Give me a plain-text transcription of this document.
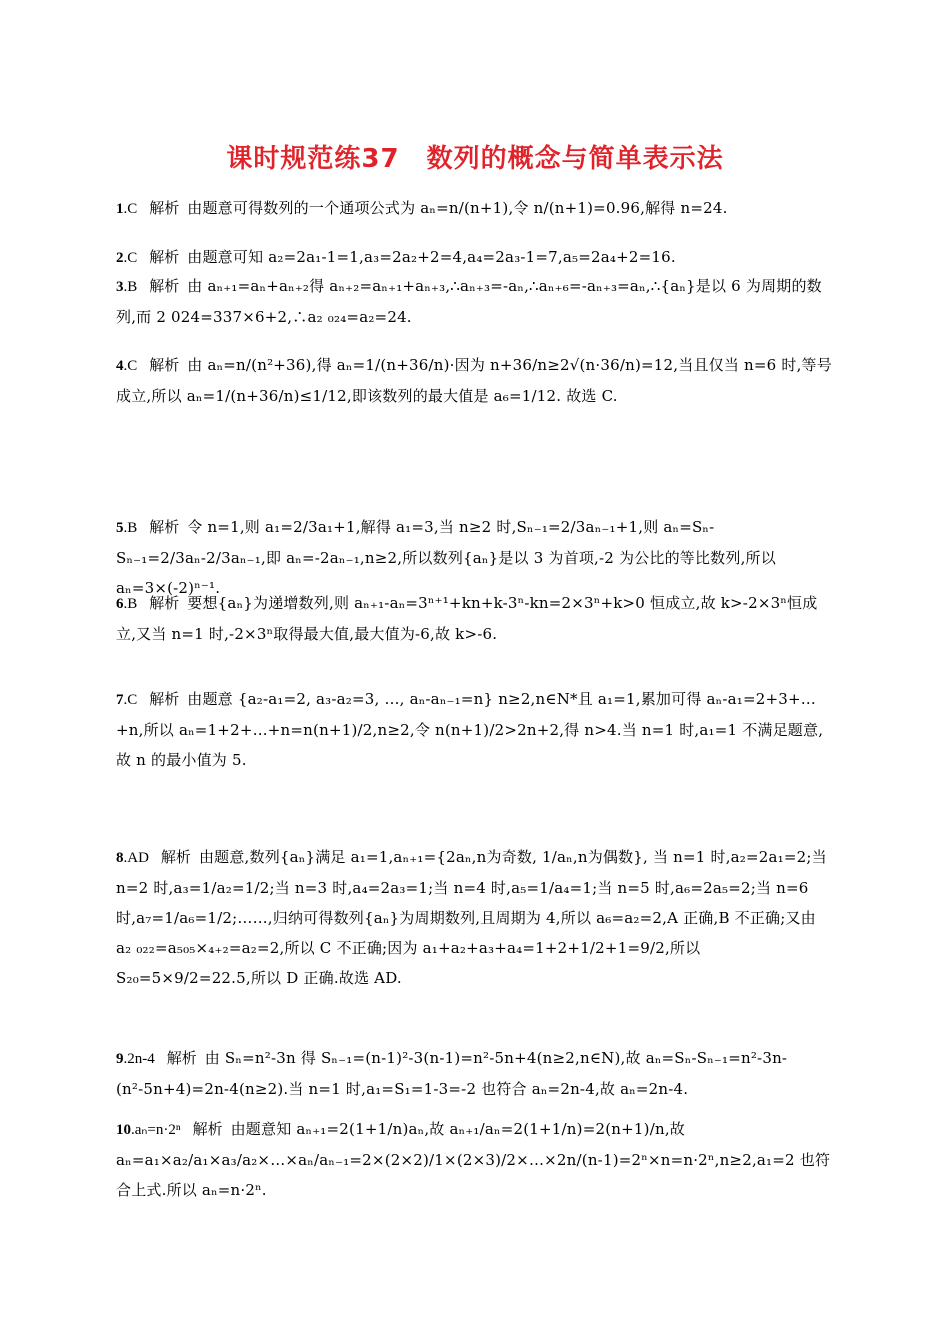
课时规范练37　数列的概念与简单表示法
1.C 解析 由题意可得数列的一个通项公式为 aₙ=n/(n+1),令 n/(n+1)=0.96,解得 n=24.
2.C 解析 由题意可知 a₂=2a₁-1=1,a₃=2a₂+2=4,a₄=2a₃-1=7,a₅=2a₄+2=16.
3.B 解析 由 aₙ₊₁=aₙ+aₙ₊₂得 aₙ₊₂=aₙ₊₁+aₙ₊₃,∴aₙ₊₃=-aₙ,∴aₙ₊₆=-aₙ₊₃=aₙ,∴{aₙ}是以 6 为周期的数列,而 2 024=337×6+2,∴a₂ ₀₂₄=a₂=24.
4.C 解析 由 aₙ=n/(n²+36),得 aₙ=1/(n+36/n)·因为 n+36/n≥2√(n·36/n)=12,当且仅当 n=6 时,等号成立,所以 aₙ=1/(n+36/n)≤1/12,即该数列的最大值是 a₆=1/12. 故选 C.
5.B 解析 令 n=1,则 a₁=2/3a₁+1,解得 a₁=3,当 n≥2 时,Sₙ₋₁=2/3aₙ₋₁+1,则 aₙ=Sₙ-Sₙ₋₁=2/3aₙ-2/3aₙ₋₁,即 aₙ=-2aₙ₋₁,n≥2,所以数列{aₙ}是以 3 为首项,-2 为公比的等比数列,所以 aₙ=3×(-2)ⁿ⁻¹.
6.B 解析 要想{aₙ}为递增数列,则 aₙ₊₁-aₙ=3ⁿ⁺¹+kn+k-3ⁿ-kn=2×3ⁿ+k>0 恒成立,故 k>-2×3ⁿ恒成立,又当 n=1 时,-2×3ⁿ取得最大值,最大值为-6,故 k>-6.
7.C 解析 由题意 {a₂-a₁=2, a₃-a₂=3, …, aₙ-aₙ₋₁=n} n≥2,n∈N*且 a₁=1,累加可得 aₙ-a₁=2+3+…+n,所以 aₙ=1+2+…+n=n(n+1)/2,n≥2,令 n(n+1)/2>2n+2,得 n>4.当 n=1 时,a₁=1 不满足题意,故 n 的最小值为 5.
8.AD 解析 由题意,数列{aₙ}满足 a₁=1,aₙ₊₁={2aₙ,n为奇数, 1/aₙ,n为偶数}, 当 n=1 时,a₂=2a₁=2;当 n=2 时,a₃=1/a₂=1/2;当 n=3 时,a₄=2a₃=1;当 n=4 时,a₅=1/a₄=1;当 n=5 时,a₆=2a₅=2;当 n=6 时,a₇=1/a₆=1/2;……,归纳可得数列{aₙ}为周期数列,且周期为 4,所以 a₆=a₂=2,A 正确,B 不正确;又由 a₂ ₀₂₂=a₅₀₅×₄₊₂=a₂=2,所以 C 不正确;因为 a₁+a₂+a₃+a₄=1+2+1/2+1=9/2,所以 S₂₀=5×9/2=22.5,所以 D 正确.故选 AD.
9.2n-4 解析 由 Sₙ=n²-3n 得 Sₙ₋₁=(n-1)²-3(n-1)=n²-5n+4(n≥2,n∈N),故 aₙ=Sₙ-Sₙ₋₁=n²-3n-(n²-5n+4)=2n-4(n≥2).当 n=1 时,a₁=S₁=1-3=-2 也符合 aₙ=2n-4,故 aₙ=2n-4.
10.aₙ=n·2ⁿ 解析 由题意知 aₙ₊₁=2(1+1/n)aₙ,故 aₙ₊₁/aₙ=2(1+1/n)=2(n+1)/n,故 aₙ=a₁×a₂/a₁×a₃/a₂×…×aₙ/aₙ₋₁=2×(2×2)/1×(2×3)/2×…×2n/(n-1)=2ⁿ×n=n·2ⁿ,n≥2,a₁=2 也符合上式.所以 aₙ=n·2ⁿ.
